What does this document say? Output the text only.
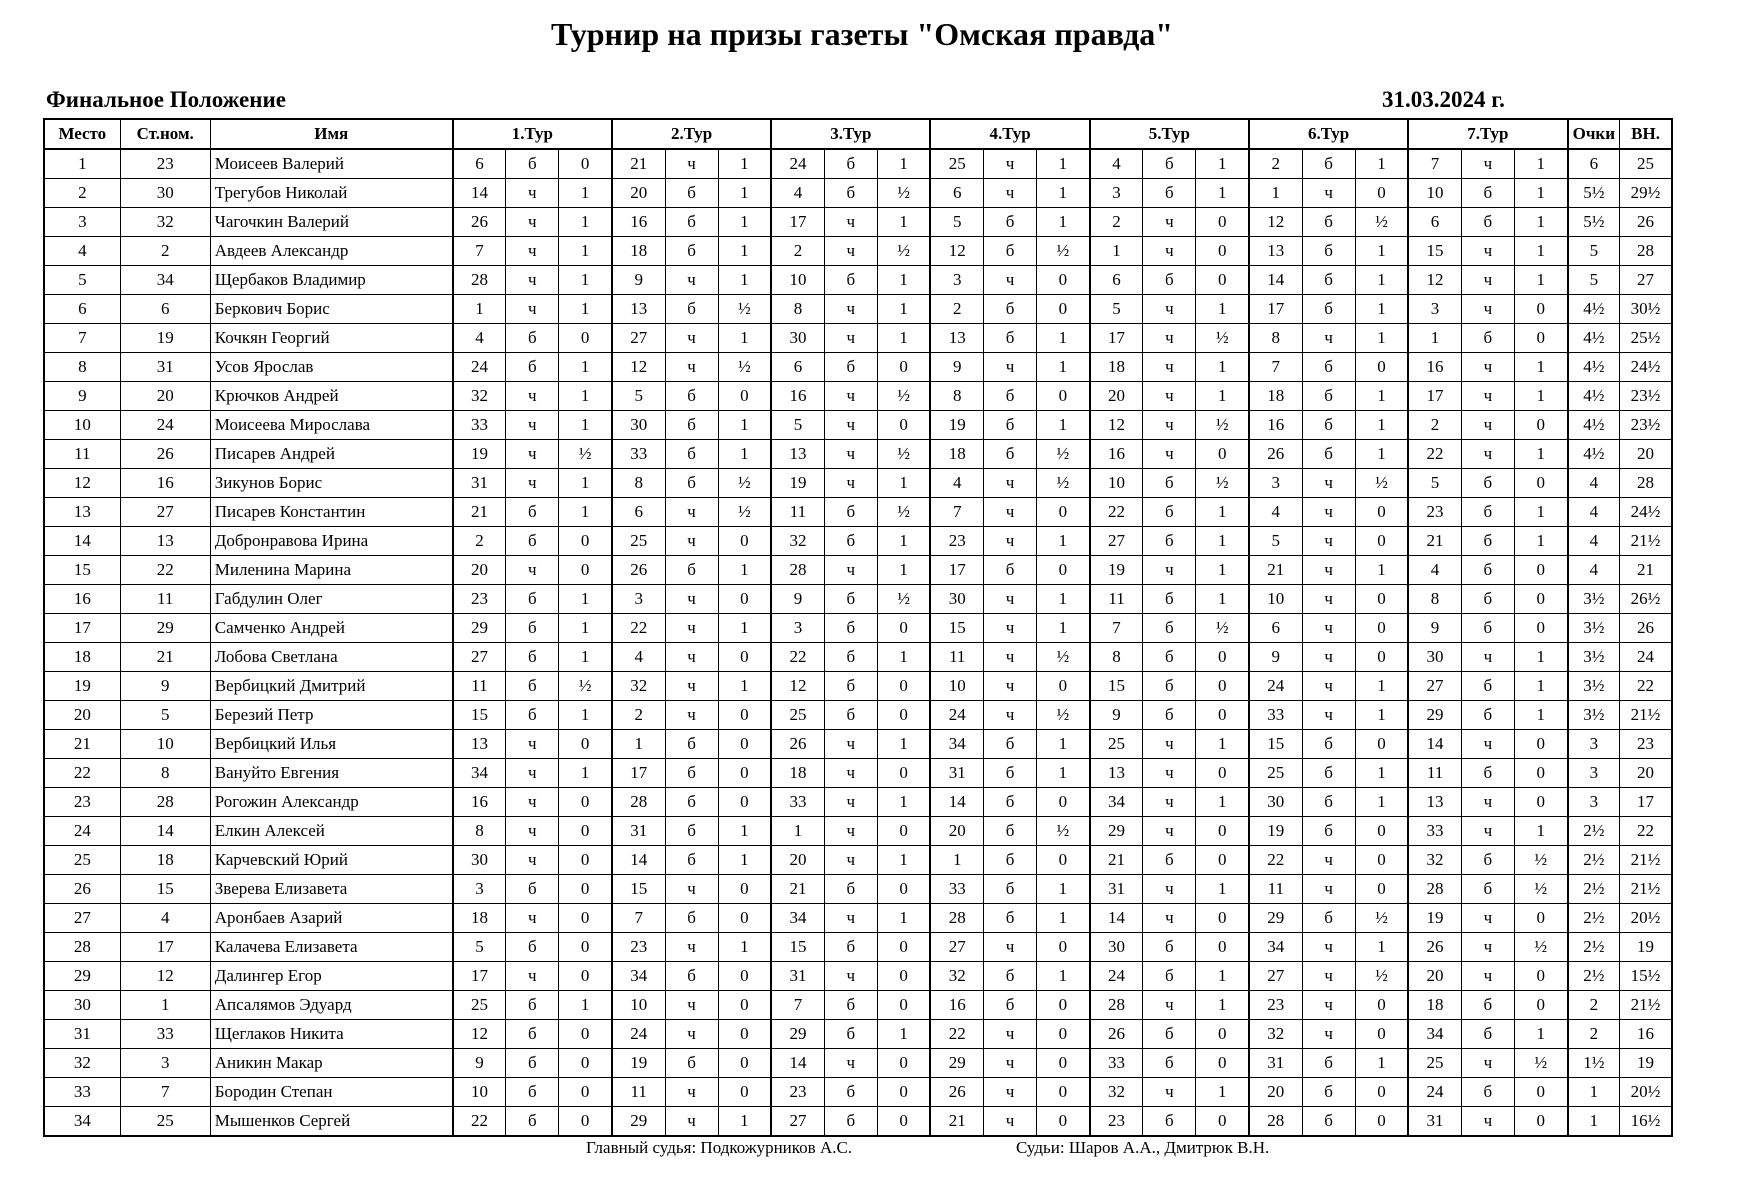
Турнир на призы газеты "Омская правда"
Финальное Положение	31.03.2024 г.
Место	Ст.ном.	Имя	1.Тур			2.Тур			3.Тур			4.Тур			5.Тур			6.Тур			7.Тур			Очки	ВН.
1	23	Моисеев Валерий	6	б	0	21	ч	1	24	б	1	25	ч	1	4	б	1	2	б	1	7	ч	1	6	25
2	30	Трегубов Николай	14	ч	1	20	б	1	4	б	½	6	ч	1	3	б	1	1	ч	0	10	б	1	5½	29½
3	32	Чагочкин Валерий	26	ч	1	16	б	1	17	ч	1	5	б	1	2	ч	0	12	б	½	6	б	1	5½	26
4	2	Авдеев Александр	7	ч	1	18	б	1	2	ч	½	12	б	½	1	ч	0	13	б	1	15	ч	1	5	28
5	34	Щербаков Владимир	28	ч	1	9	ч	1	10	б	1	3	ч	0	6	б	0	14	б	1	12	ч	1	5	27
6	6	Беркович Борис	1	ч	1	13	б	½	8	ч	1	2	б	0	5	ч	1	17	б	1	3	ч	0	4½	30½
7	19	Кочкян Георгий	4	б	0	27	ч	1	30	ч	1	13	б	1	17	ч	½	8	ч	1	1	б	0	4½	25½
8	31	Усов Ярослав	24	б	1	12	ч	½	6	б	0	9	ч	1	18	ч	1	7	б	0	16	ч	1	4½	24½
9	20	Крючков Андрей	32	ч	1	5	б	0	16	ч	½	8	б	0	20	ч	1	18	б	1	17	ч	1	4½	23½
10	24	Моисеева Мирослава	33	ч	1	30	б	1	5	ч	0	19	б	1	12	ч	½	16	б	1	2	ч	0	4½	23½
11	26	Писарев Андрей	19	ч	½	33	б	1	13	ч	½	18	б	½	16	ч	0	26	б	1	22	ч	1	4½	20
12	16	Зикунов Борис	31	ч	1	8	б	½	19	ч	1	4	ч	½	10	б	½	3	ч	½	5	б	0	4	28
13	27	Писарев Константин	21	б	1	6	ч	½	11	б	½	7	ч	0	22	б	1	4	ч	0	23	б	1	4	24½
14	13	Добронравова Ирина	2	б	0	25	ч	0	32	б	1	23	ч	1	27	б	1	5	ч	0	21	б	1	4	21½
15	22	Миленина Марина	20	ч	0	26	б	1	28	ч	1	17	б	0	19	ч	1	21	ч	1	4	б	0	4	21
16	11	Габдулин Олег	23	б	1	3	ч	0	9	б	½	30	ч	1	11	б	1	10	ч	0	8	б	0	3½	26½
17	29	Самченко Андрей	29	б	1	22	ч	1	3	б	0	15	ч	1	7	б	½	6	ч	0	9	б	0	3½	26
18	21	Лобова Светлана	27	б	1	4	ч	0	22	б	1	11	ч	½	8	б	0	9	ч	0	30	ч	1	3½	24
19	9	Вербицкий Дмитрий	11	б	½	32	ч	1	12	б	0	10	ч	0	15	б	0	24	ч	1	27	б	1	3½	22
20	5	Березий Петр	15	б	1	2	ч	0	25	б	0	24	ч	½	9	б	0	33	ч	1	29	б	1	3½	21½
21	10	Вербицкий Илья	13	ч	0	1	б	0	26	ч	1	34	б	1	25	ч	1	15	б	0	14	ч	0	3	23
22	8	Вануйто Евгения	34	ч	1	17	б	0	18	ч	0	31	б	1	13	ч	0	25	б	1	11	б	0	3	20
23	28	Рогожин Александр	16	ч	0	28	б	0	33	ч	1	14	б	0	34	ч	1	30	б	1	13	ч	0	3	17
24	14	Елкин Алексей	8	ч	0	31	б	1	1	ч	0	20	б	½	29	ч	0	19	б	0	33	ч	1	2½	22
25	18	Карчевский Юрий	30	ч	0	14	б	1	20	ч	1	1	б	0	21	б	0	22	ч	0	32	б	½	2½	21½
26	15	Зверева Елизавета	3	б	0	15	ч	0	21	б	0	33	б	1	31	ч	1	11	ч	0	28	б	½	2½	21½
27	4	Аронбаев Азарий	18	ч	0	7	б	0	34	ч	1	28	б	1	14	ч	0	29	б	½	19	ч	0	2½	20½
28	17	Калачева Елизавета	5	б	0	23	ч	1	15	б	0	27	ч	0	30	б	0	34	ч	1	26	ч	½	2½	19
29	12	Далингер Егор	17	ч	0	34	б	0	31	ч	0	32	б	1	24	б	1	27	ч	½	20	ч	0	2½	15½
30	1	Апсалямов Эдуард	25	б	1	10	ч	0	7	б	0	16	б	0	28	ч	1	23	ч	0	18	б	0	2	21½
31	33	Щеглаков Никита	12	б	0	24	ч	0	29	б	1	22	ч	0	26	б	0	32	ч	0	34	б	1	2	16
32	3	Аникин Макар	9	б	0	19	б	0	14	ч	0	29	ч	0	33	б	0	31	б	1	25	ч	½	1½	19
33	7	Бородин Степан	10	б	0	11	ч	0	23	б	0	26	ч	0	32	ч	1	20	б	0	24	б	0	1	20½
34	25	Мышенков Сергей	22	б	0	29	ч	1	27	б	0	21	ч	0	23	б	0	28	б	0	31	ч	0	1	16½
Главный судья: Подкожурников А.С.	Судьи: Шаров А.А., Дмитрюк В.Н.
